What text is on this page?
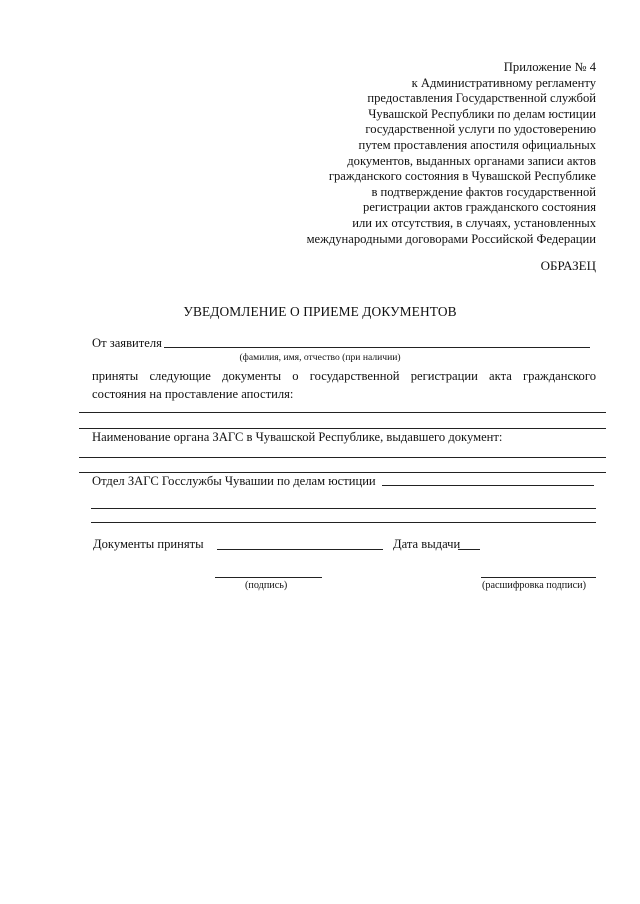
Приложение № 4
к Административному регламенту
предоставления Государственной службой
Чувашской Республики по делам юстиции
государственной услуги по удостоверению
путем проставления апостиля официальных
документов, выданных органами записи актов
гражданского состояния в Чувашской Республике
в подтверждение фактов государственной
регистрации актов гражданского состояния
или их отсутствия, в случаях, установленных
международными договорами Российской Федерации
ОБРАЗЕЦ
УВЕДОМЛЕНИЕ О ПРИЕМЕ ДОКУМЕНТОВ
От заявителя
(фамилия, имя, отчество (при наличии)
приняты следующие документы о государственной регистрации акта гражданского состояния на проставление апостиля:
Наименование органа ЗАГС в Чувашской Республике, выдавшего документ:
Отдел ЗАГС Госслужбы Чувашии по делам юстиции
Документы приняты	Дата выдачи
(подпись)	(расшифровка подписи)
